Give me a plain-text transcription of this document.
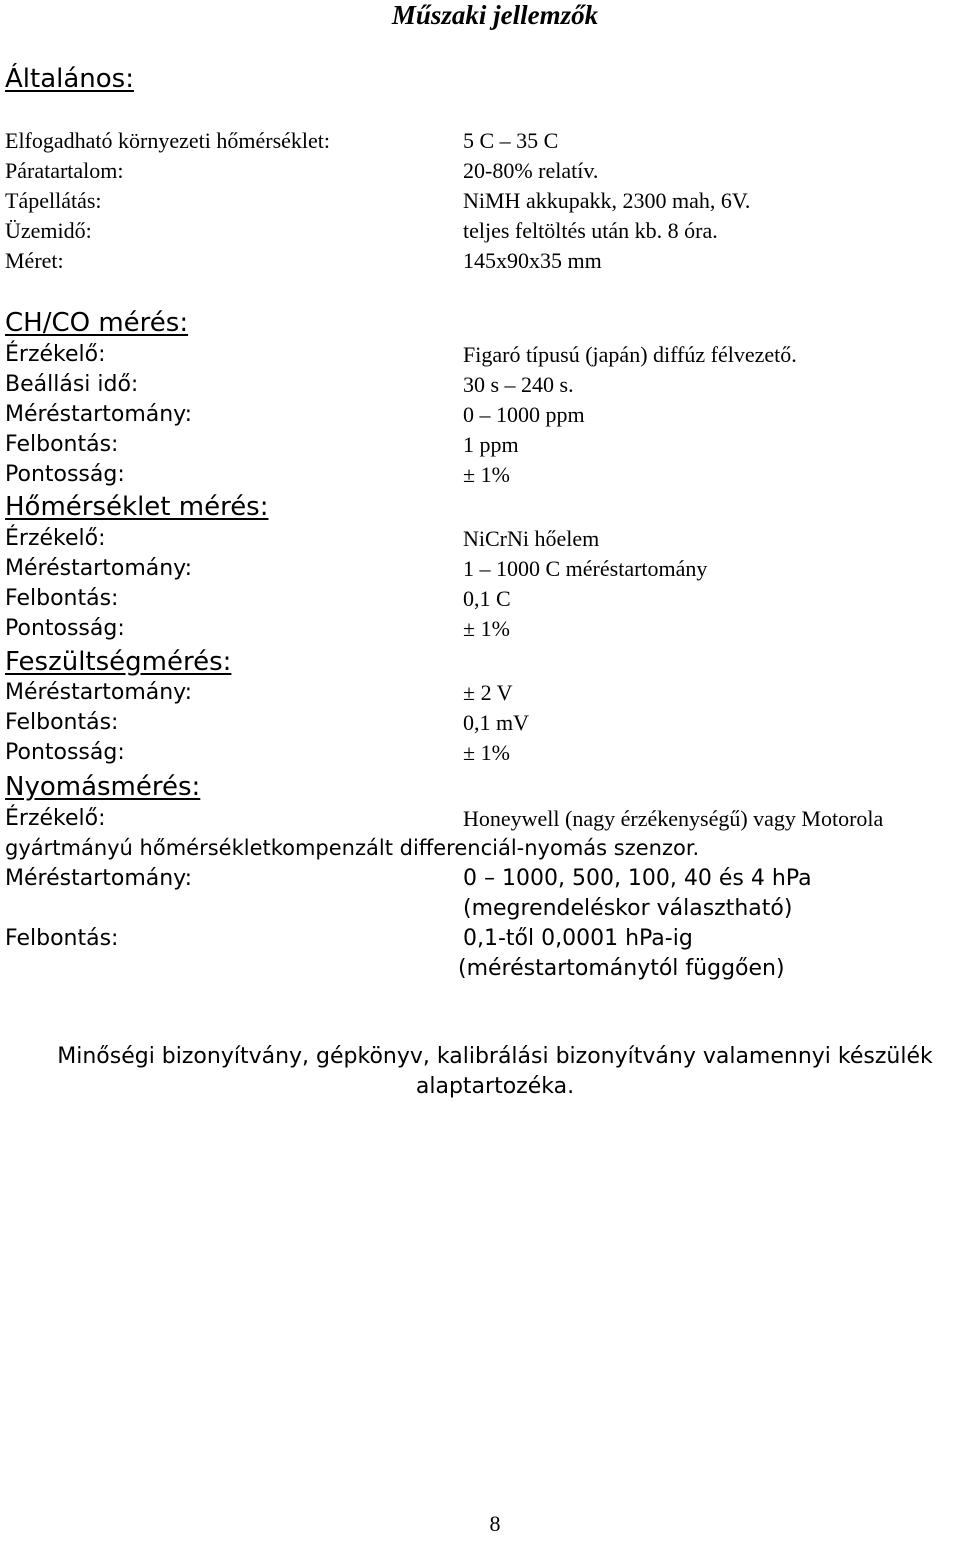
Műszaki jellemzők
Általános:
Elfogadható környezeti hőmérséklet:	5 C – 35 C
Páratartalom:	20-80% relatív.
Tápellátás:	NiMH akkupakk, 2300 mah, 6V.
Üzemidő:	teljes feltöltés után kb. 8 óra.
Méret:	145x90x35 mm
CH/CO mérés:
Érzékelő:	Figaró típusú (japán) diffúz félvezető.
Beállási idő:	30 s – 240 s.
Méréstartomány:	0 – 1000 ppm
Felbontás:	1 ppm
Pontosság:	± 1%
Hőmérséklet mérés:
Érzékelő:	NiCrNi hőelem
Méréstartomány:	1 – 1000 C méréstartomány
Felbontás:	0,1 C
Pontosság:	± 1%
Feszültségmérés:
Méréstartomány:	± 2 V
Felbontás:	0,1 mV
Pontosság:	± 1%
Nyomásmérés:
Érzékelő:	Honeywell (nagy érzékenységű) vagy Motorola
gyártmányú hőmérsékletkompenzált differenciál-nyomás szenzor.
Méréstartomány:	0 – 1000, 500, 100, 40 és 4 hPa
(megrendeléskor választható)
Felbontás:	0,1-től 0,0001 hPa-ig
(méréstartománytól függően)
Minőségi bizonyítvány, gépkönyv, kalibrálási bizonyítvány valamennyi készülék
alaptartozéka.
8
